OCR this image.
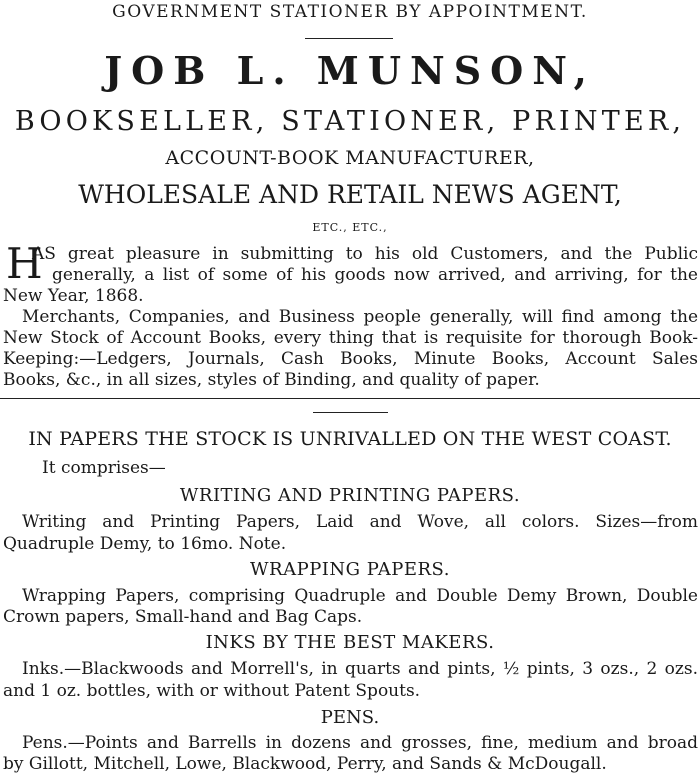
GOVERNMENT STATIONER BY APPOINTMENT.
JOB L. MUNSON,
BOOKSELLER, STATIONER, PRINTER,
ACCOUNT-BOOK MANUFACTURER,
WHOLESALE AND RETAIL NEWS AGENT,
ETC., ETC.,
H
AS great pleasure in submitting to his old Customers, and the Public
generally, a list of some of his goods now arrived, and arriving, for the
New Year, 1868.
Merchants, Companies, and Business people generally, will find among the
New Stock of Account Books, every thing that is requisite for thorough Book-
Keeping:—Ledgers, Journals, Cash Books, Minute Books, Account Sales
Books, &c., in all sizes, styles of Binding, and quality of paper.
IN PAPERS THE STOCK IS UNRIVALLED ON THE WEST COAST.
It comprises—
WRITING AND PRINTING PAPERS.
Writing and Printing Papers, Laid and Wove, all colors. Sizes—from
Quadruple Demy, to 16mo. Note.
WRAPPING PAPERS.
Wrapping Papers, comprising Quadruple and Double Demy Brown, Double
Crown papers, Small-hand and Bag Caps.
INKS BY THE BEST MAKERS.
Inks.—Blackwoods and Morrell's, in quarts and pints, ½ pints, 3 ozs., 2 ozs.
and 1 oz. bottles, with or without Patent Spouts.
PENS.
Pens.—Points and Barrells in dozens and grosses, fine, medium and broad
by Gillott, Mitchell, Lowe, Blackwood, Perry, and Sands & McDougall.
